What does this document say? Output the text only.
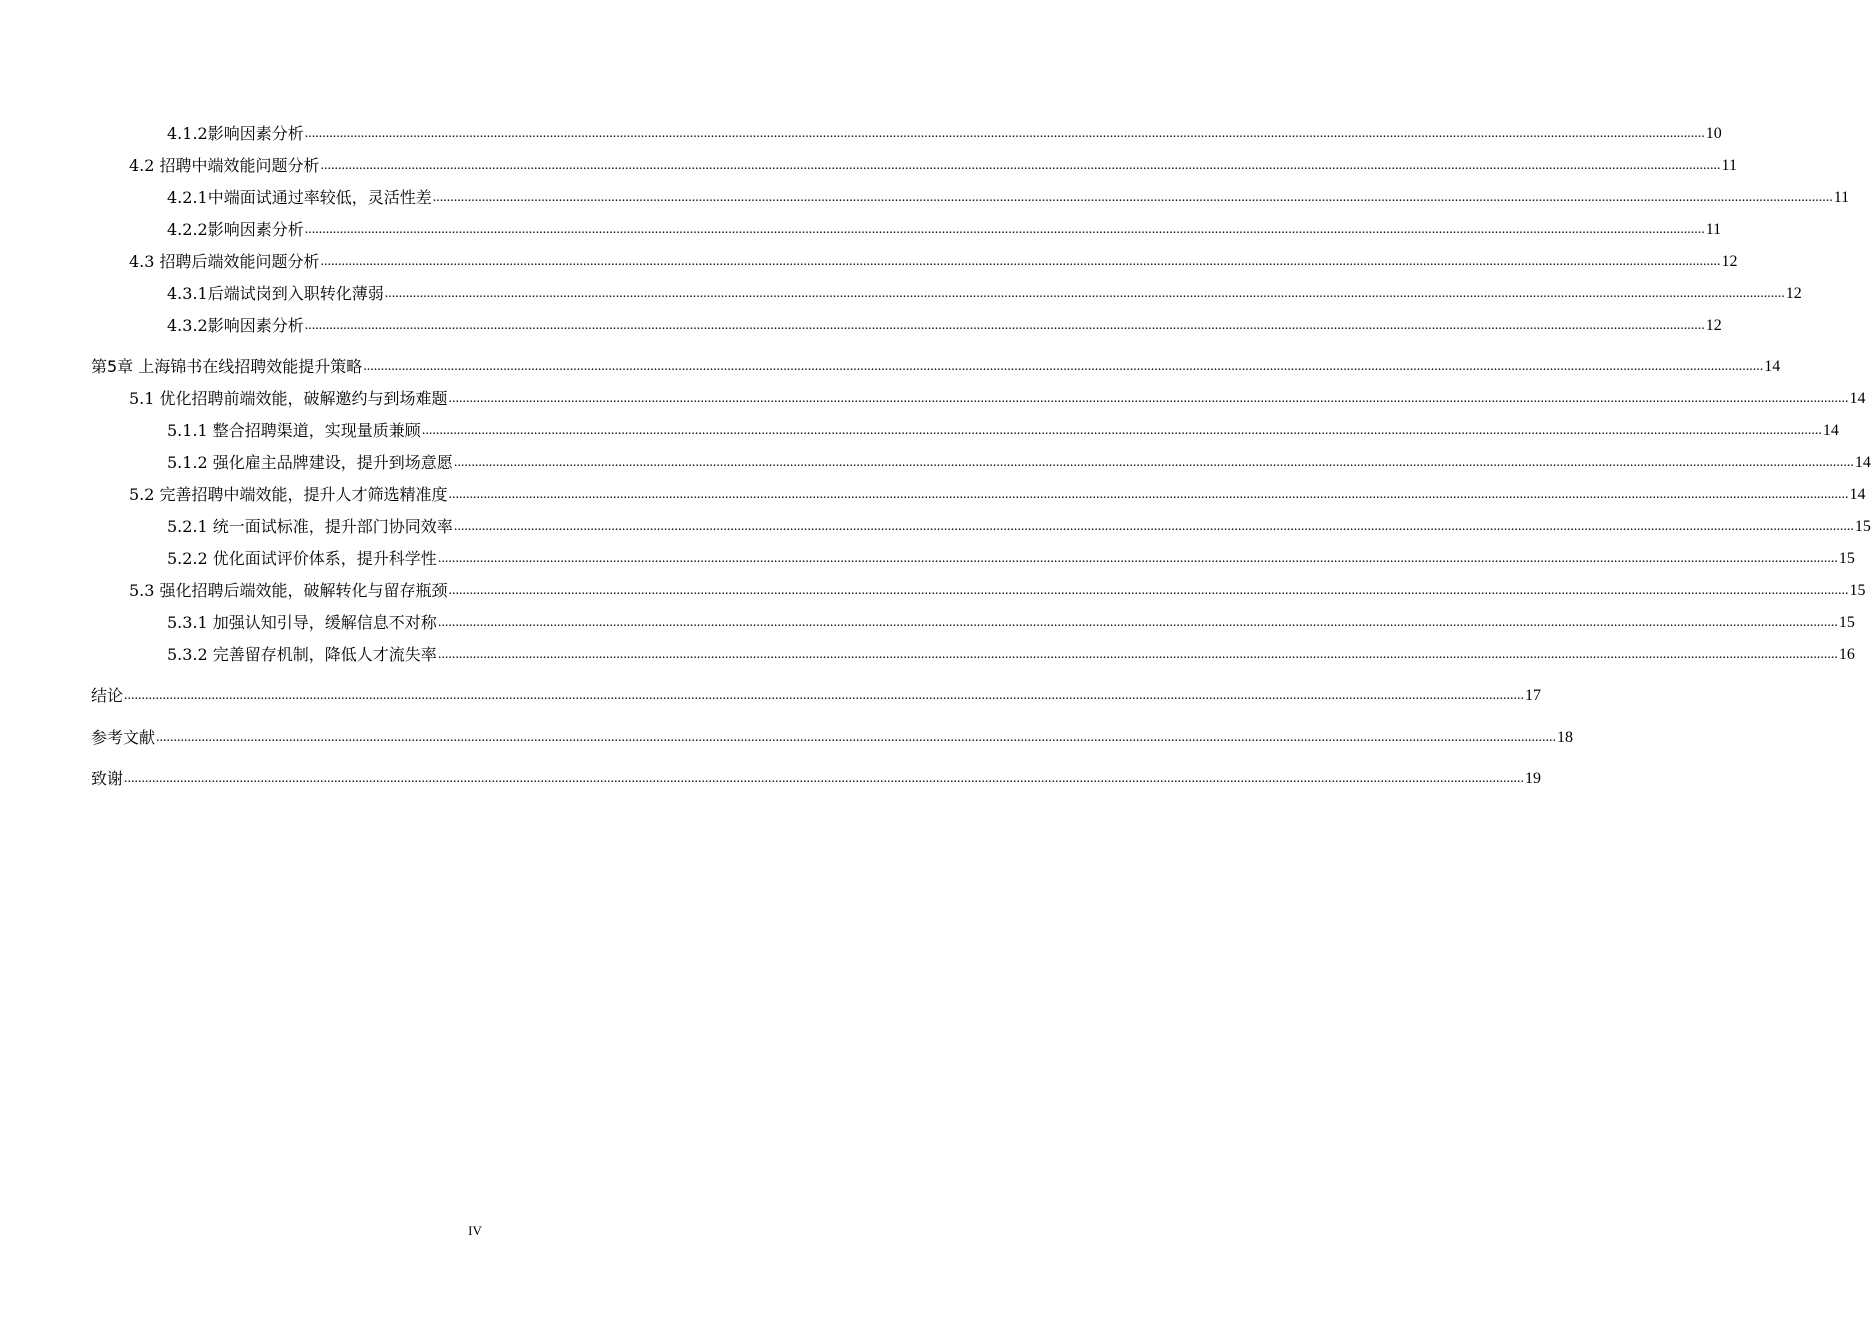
4.1.2影响因素分析 ................................................................................................................................................................................................................................................................................................................................................................................................................ 10
4.2 招聘中端效能问题分析 ................................................................................................................................................................................................................................................................................................................................................................................................................ 11
4.2.1中端面试通过率较低，灵活性差 ................................................................................................................................................................................................................................................................................................................................................................................................................ 11
4.2.2影响因素分析 ................................................................................................................................................................................................................................................................................................................................................................................................................ 11
4.3 招聘后端效能问题分析 ................................................................................................................................................................................................................................................................................................................................................................................................................ 12
4.3.1后端试岗到入职转化薄弱 ................................................................................................................................................................................................................................................................................................................................................................................................................ 12
4.3.2影响因素分析 ................................................................................................................................................................................................................................................................................................................................................................................................................ 12
第5章 上海锦书在线招聘效能提升策略 ................................................................................................................................................................................................................................................................................................................................................................................................................ 14
5.1 优化招聘前端效能，破解邀约与到场难题 ................................................................................................................................................................................................................................................................................................................................................................................................................ 14
5.1.1 整合招聘渠道，实现量质兼顾 ................................................................................................................................................................................................................................................................................................................................................................................................................ 14
5.1.2 强化雇主品牌建设，提升到场意愿 ................................................................................................................................................................................................................................................................................................................................................................................................................ 14
5.2 完善招聘中端效能，提升人才筛选精准度 ................................................................................................................................................................................................................................................................................................................................................................................................................ 14
5.2.1 统一面试标准，提升部门协同效率 ................................................................................................................................................................................................................................................................................................................................................................................................................ 15
5.2.2 优化面试评价体系，提升科学性 ................................................................................................................................................................................................................................................................................................................................................................................................................ 15
5.3 强化招聘后端效能，破解转化与留存瓶颈 ................................................................................................................................................................................................................................................................................................................................................................................................................ 15
5.3.1 加强认知引导，缓解信息不对称 ................................................................................................................................................................................................................................................................................................................................................................................................................ 15
5.3.2 完善留存机制，降低人才流失率 ................................................................................................................................................................................................................................................................................................................................................................................................................ 16
结论 ................................................................................................................................................................................................................................................................................................................................................................................................................ 17
参考文献 ................................................................................................................................................................................................................................................................................................................................................................................................................ 18
致谢 ................................................................................................................................................................................................................................................................................................................................................................................................................ 19
IV
